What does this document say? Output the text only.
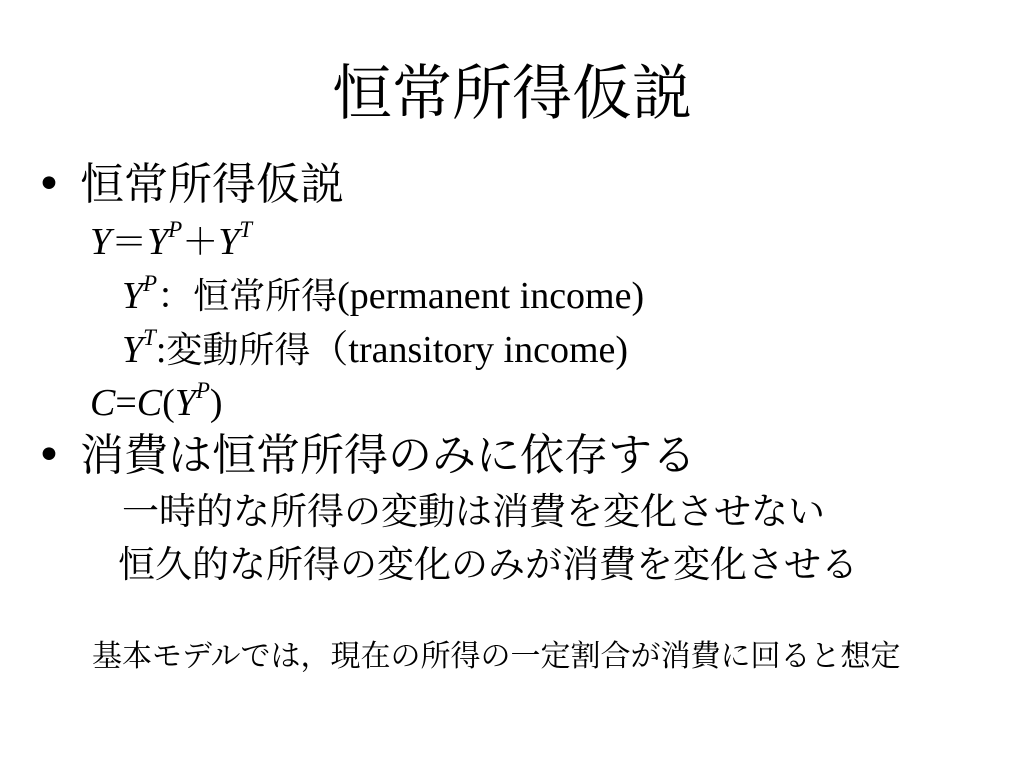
恒常所得仮説
• 恒常所得仮説
$Y=Y^P+Y^T$
$Y^P$：恒常所得(permanent income)
$Y^T$:変動所得（transitory income)
$C=C(Y^P)$
• 消費は恒常所得のみに依存する
一時的な所得の変動は消費を変化させない
恒久的な所得の変化のみが消費を変化させる
基本モデルでは，現在の所得の一定割合が消費に回ると想定
